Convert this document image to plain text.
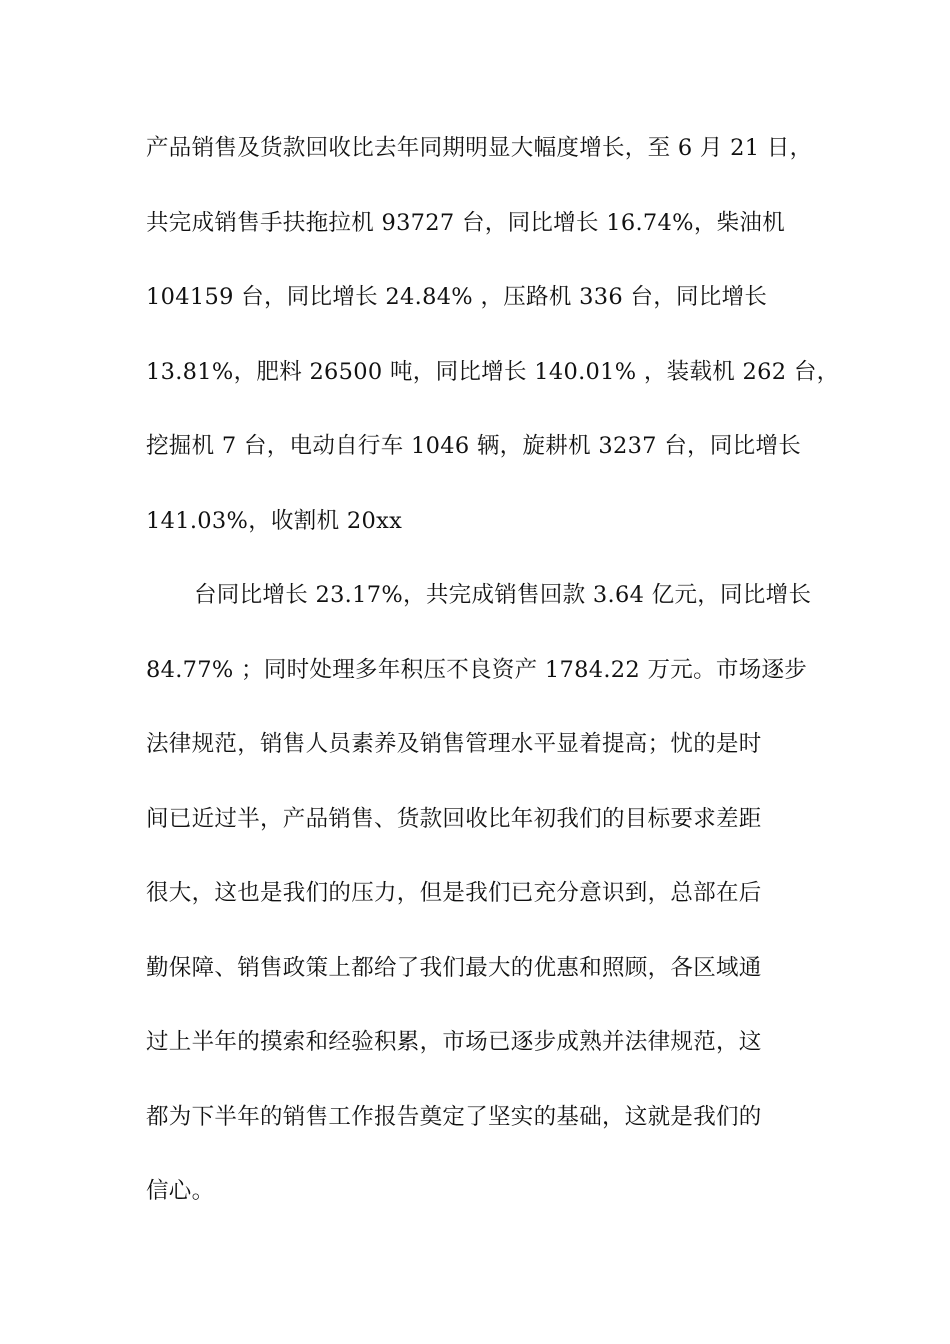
产品销售及货款回收比去年同期明显大幅度增长，至 6 月 21 日，
共完成销售手扶拖拉机 93727 台，同比增长 16.74%，柴油机
104159 台，同比增长 24.84% ，压路机 336 台，同比增长
13.81%，肥料 26500 吨，同比增长 140.01% ，装载机 262 台，
挖掘机 7 台，电动自行车 1046 辆，旋耕机 3237 台，同比增长
141.03%，收割机 20xx
台同比增长 23.17%，共完成销售回款 3.64 亿元，同比增长
84.77% ；同时处理多年积压不良资产 1784.22 万元。市场逐步
法律规范，销售人员素养及销售管理水平显着提高；忧的是时
间已近过半，产品销售、货款回收比年初我们的目标要求差距
很大，这也是我们的压力，但是我们已充分意识到，总部在后
勤保障、销售政策上都给了我们最大的优惠和照顾，各区域通
过上半年的摸索和经验积累，市场已逐步成熟并法律规范，这
都为下半年的销售工作报告奠定了坚实的基础，这就是我们的
信心。
